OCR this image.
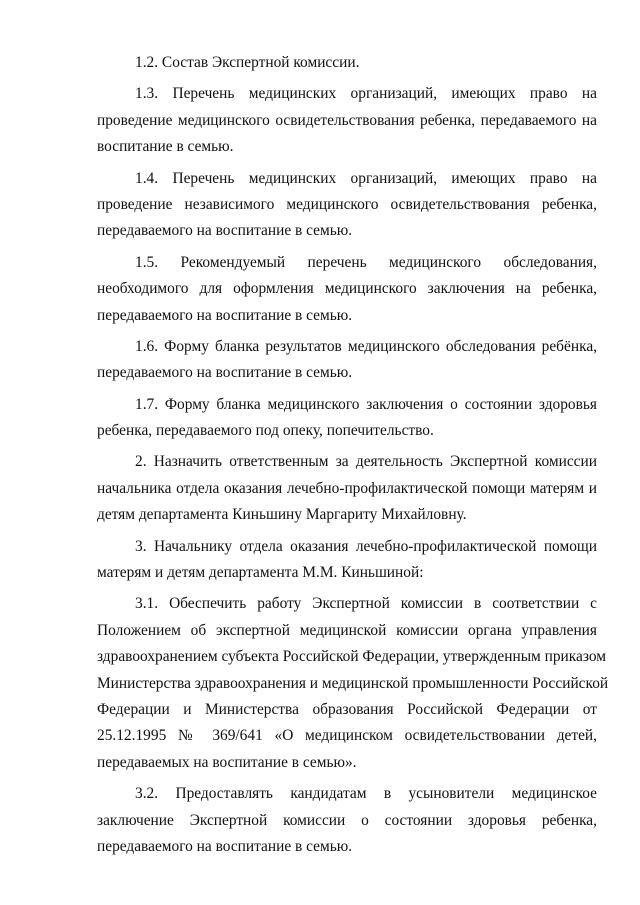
1.2. Состав Экспертной комиссии.
1.3. Перечень медицинских организаций, имеющих право на
проведение медицинского освидетельствования ребенка, передаваемого на
воспитание в семью.
1.4. Перечень медицинских организаций, имеющих право на
проведение независимого медицинского освидетельствования ребенка,
передаваемого на воспитание в семью.
1.5. Рекомендуемый перечень медицинского обследования,
необходимого для оформления медицинского заключения на ребенка,
передаваемого на воспитание в семью.
1.6. Форму бланка результатов медицинского обследования ребёнка,
передаваемого на воспитание в семью.
1.7. Форму бланка медицинского заключения о состоянии здоровья
ребенка, передаваемого под опеку, попечительство.
2. Назначить ответственным за деятельность Экспертной комиссии
начальника отдела оказания лечебно-профилактической помощи матерям и
детям департамента Киньшину Маргариту Михайловну.
3. Начальнику отдела оказания лечебно-профилактической помощи
матерям и детям департамента М.М. Киньшиной:
3.1. Обеспечить работу Экспертной комиссии в соответствии с
Положением об экспертной медицинской комиссии органа управления
здравоохранением субъекта Российской Федерации, утвержденным приказом
Министерства здравоохранения и медицинской промышленности Российской
Федерации и Министерства образования Российской Федерации от
25.12.1995 № 369/641 «О медицинском освидетельствовании детей,
передаваемых на воспитание в семью».
3.2. Предоставлять кандидатам в усыновители медицинское
заключение Экспертной комиссии о состоянии здоровья ребенка,
передаваемого на воспитание в семью.
